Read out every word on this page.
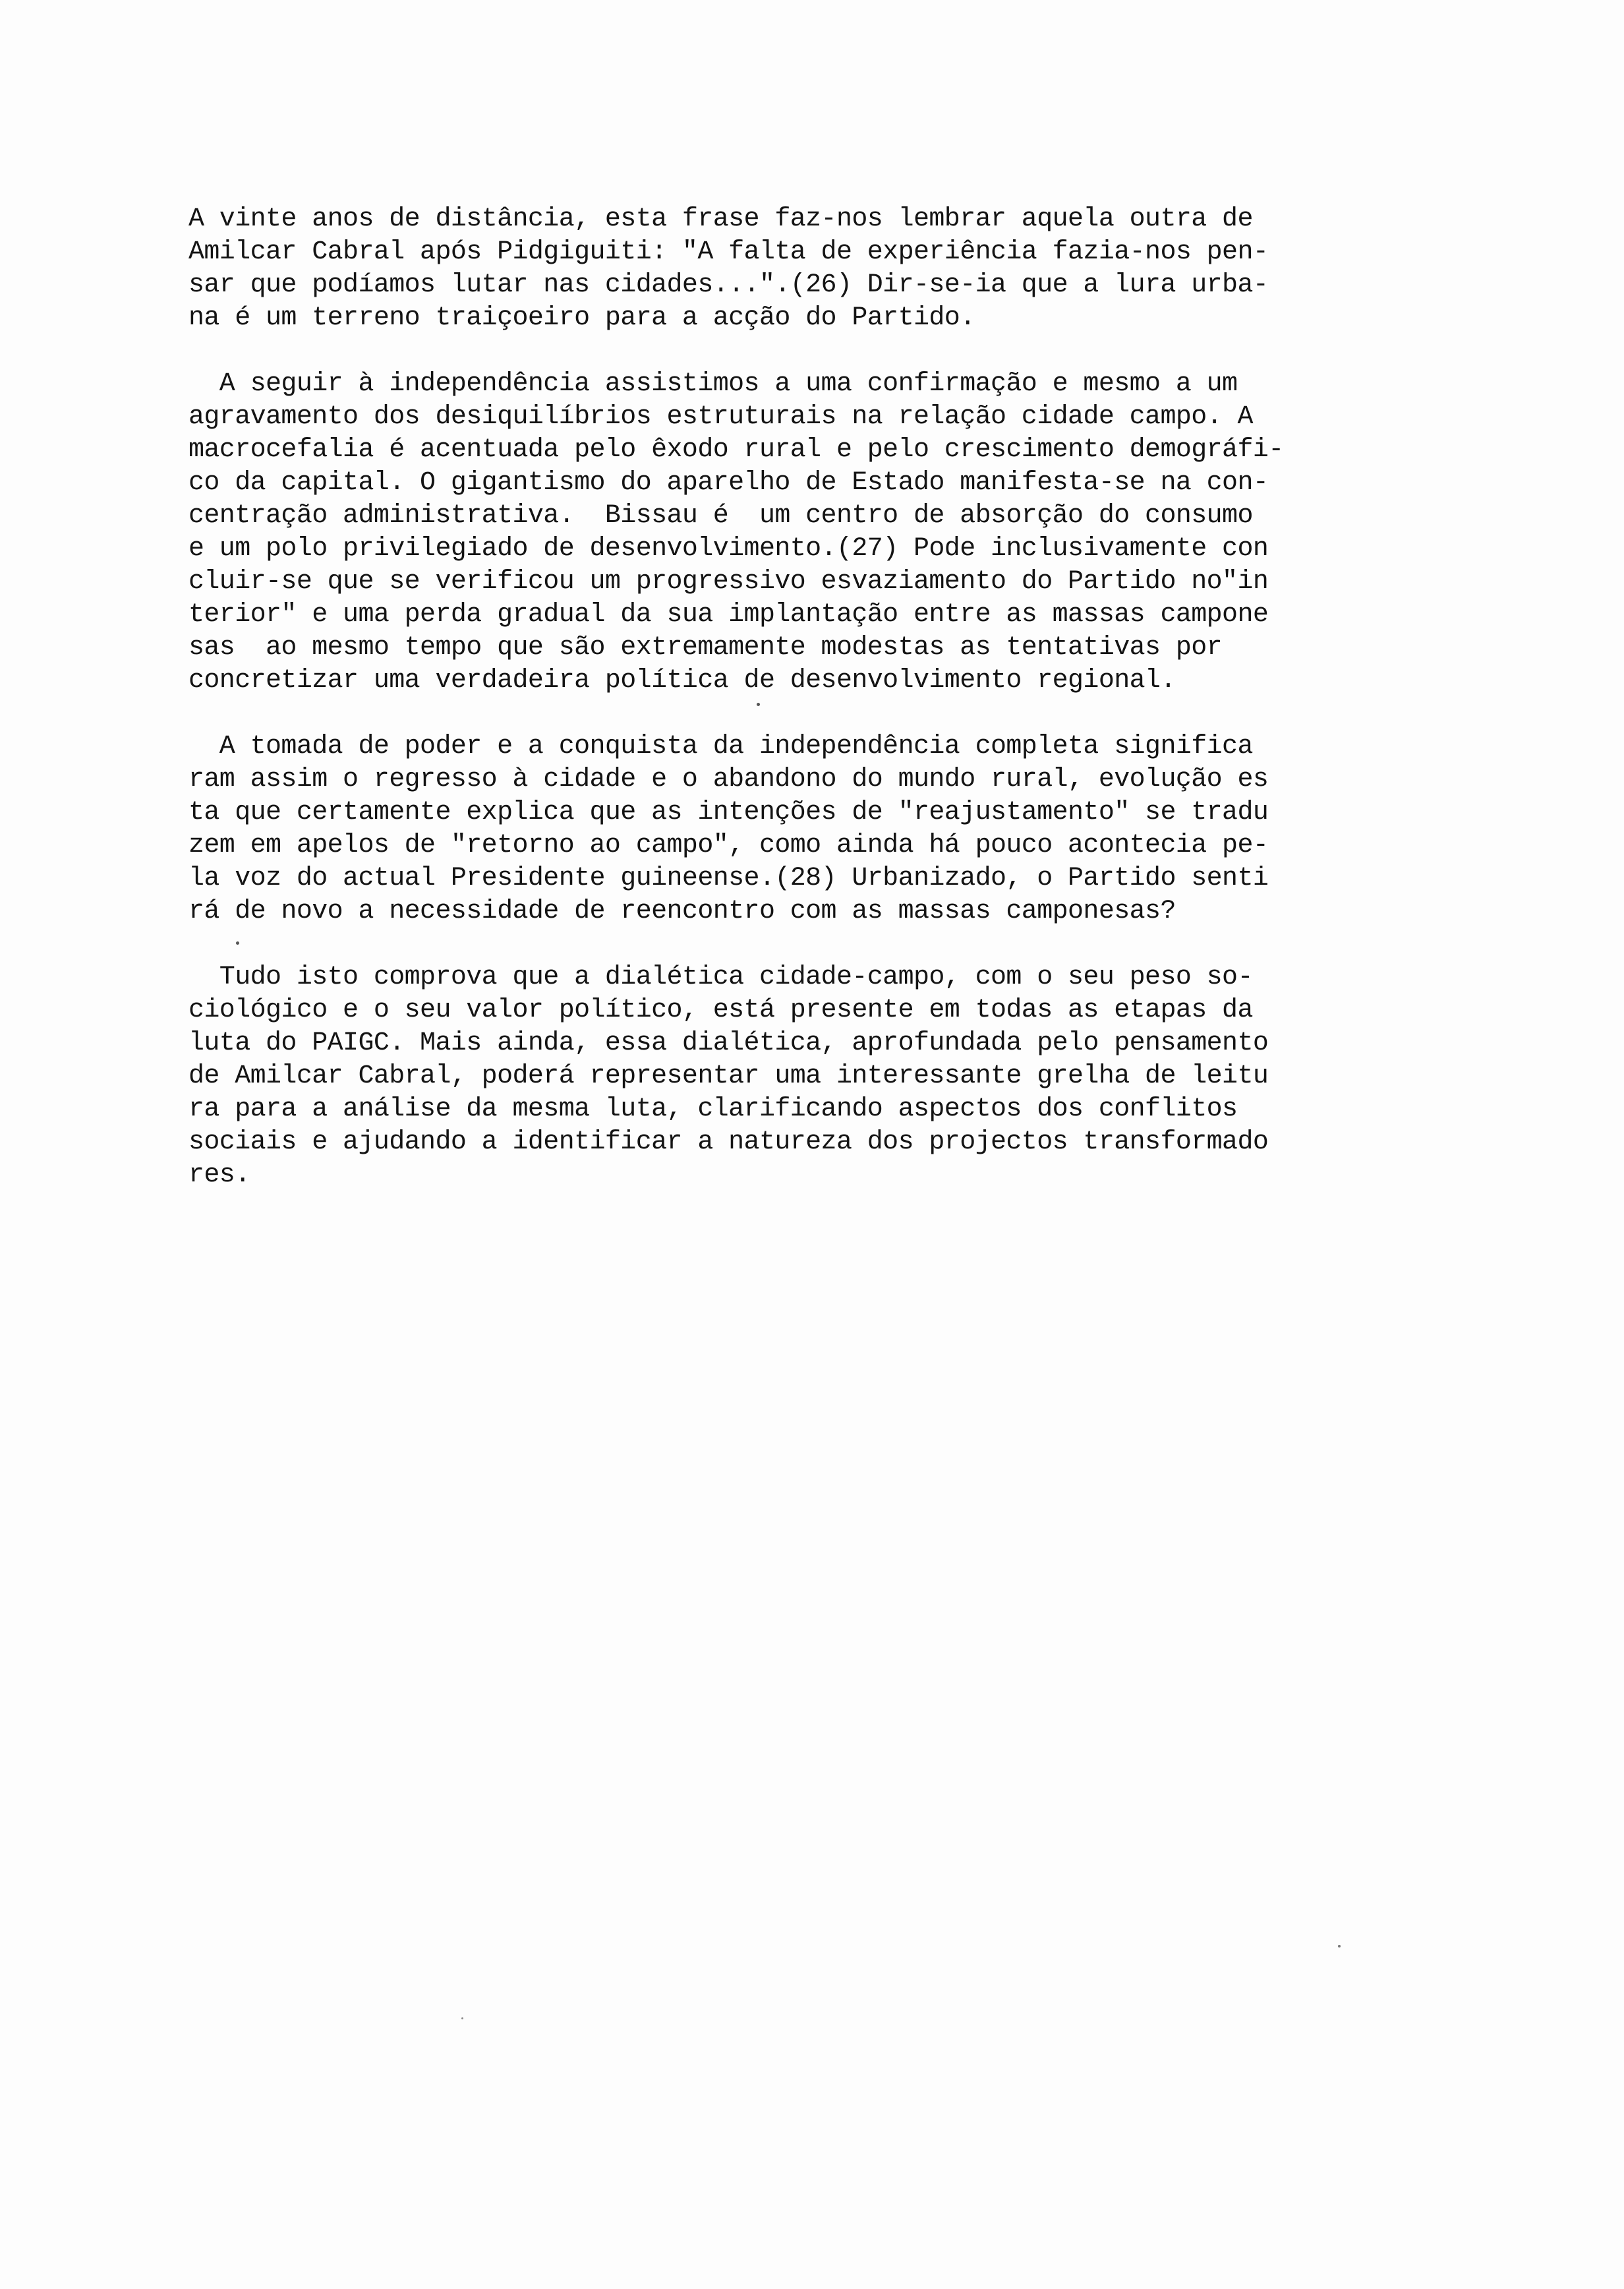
A vinte anos de distância, esta frase faz-nos lembrar aquela outra de
Amilcar Cabral após Pidgiguiti: "A falta de experiência fazia-nos pen-
sar que podíamos lutar nas cidades...".(26) Dir-se-ia que a lura urba-
na é um terreno traiçoeiro para a acção do Partido.
A seguir à independência assistimos a uma confirmação e mesmo a um
agravamento dos desiquilíbrios estruturais na relação cidade campo. A
macrocefalia é acentuada pelo êxodo rural e pelo crescimento demográfi-
co da capital. O gigantismo do aparelho de Estado manifesta-se na con-
centração administrativa.  Bissau é  um centro de absorção do consumo
e um polo privilegiado de desenvolvimento.(27) Pode inclusivamente con
cluir-se que se verificou um progressivo esvaziamento do Partido no"in
terior" e uma perda gradual da sua implantação entre as massas campone
sas  ao mesmo tempo que são extremamente modestas as tentativas por
concretizar uma verdadeira política de desenvolvimento regional.
A tomada de poder e a conquista da independência completa significa
ram assim o regresso à cidade e o abandono do mundo rural, evolução es
ta que certamente explica que as intenções de "reajustamento" se tradu
zem em apelos de "retorno ao campo", como ainda há pouco acontecia pe-
la voz do actual Presidente guineense.(28) Urbanizado, o Partido senti
rá de novo a necessidade de reencontro com as massas camponesas?
Tudo isto comprova que a dialética cidade-campo, com o seu peso so-
ciológico e o seu valor político, está presente em todas as etapas da
luta do PAIGC. Mais ainda, essa dialética, aprofundada pelo pensamento
de Amilcar Cabral, poderá representar uma interessante grelha de leitu
ra para a análise da mesma luta, clarificando aspectos dos conflitos
sociais e ajudando a identificar a natureza dos projectos transformado
res.
